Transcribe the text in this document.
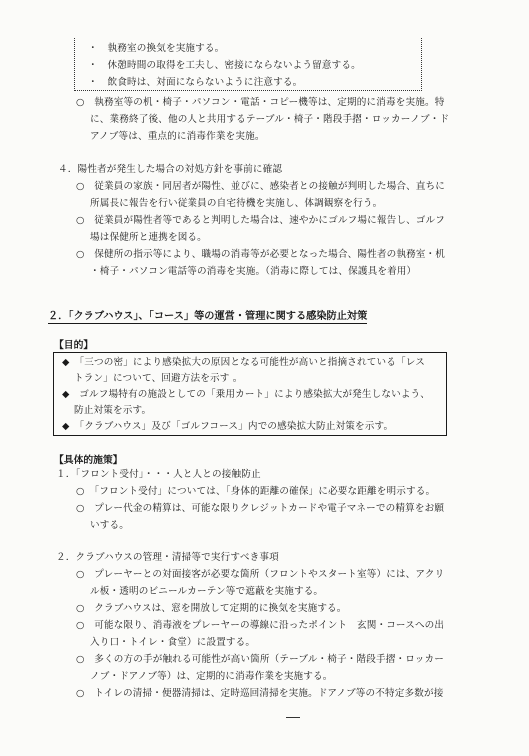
・　執務室の換気を実施する。
・　休憩時間の取得を工夫し、密接にならないよう留意する。
・　飲食時は、対面にならないように注意する。
○　執務室等の机・椅子・パソコン・電話・コピー機等は、定期的に消毒を実施。特
に、業務終了後、他の人と共用するテーブル・椅子・階段手摺・ロッカーノブ・ド
アノブ等は、重点的に消毒作業を実施。
４．陽性者が発生した場合の対処方針を事前に確認
○　従業員の家族・同居者が陽性、並びに、感染者との接触が判明した場合、直ちに
所属長に報告を行い従業員の自宅待機を実施し、体調観察を行う。
○　従業員が陽性者等であると判明した場合は、速やかにゴルフ場に報告し、ゴルフ
場は保健所と連携を図る。
○　保健所の指示等により、職場の消毒等が必要となった場合、陽性者の執務室・机
・椅子・パソコン電話等の消毒を実施。（消毒に際しては、保護具を着用）
２．「クラブハウス」、「コース」等の運営・管理に関する感染防止対策
【目的】
◆　「三つの密」により感染拡大の原因となる可能性が高いと指摘されている「レス
トラン」について、回避方法を示す 。
◆　ゴルフ場特有の施設としての「乗用カート」により感染拡大が発生しないよう、
防止対策を示す。
◆　「クラブハウス」及び「ゴルフコース」内での感染拡大防止対策を示す。
【具体的施策】
１．「フロント受付」・・・人と人との接触防止
○　「フロント受付」については、「身体的距離の確保」に必要な距離を明示する。
○　プレー代金の精算は、可能な限りクレジットカードや電子マネーでの精算をお願
いする。
２．クラブハウスの管理・清掃等で実行すべき事項
○　プレーヤーとの対面接客が必要な箇所（フロントやスタート室等）には、アクリ
ル板・透明のビニールカーテン等で遮蔽を実施する。
○　クラブハウスは、窓を開放して定期的に換気を実施する。
○　可能な限り、消毒液をプレーヤーの導線に沿ったポイント　玄関・コースへの出
入り口・トイレ・食堂）に設置する。
○　多くの方の手が触れる可能性が高い箇所（テーブル・椅子・階段手摺・ロッカー
ノブ・ドアノブ等）は、定期的に消毒作業を実施する。
○　トイレの清掃・便器清掃は、定時巡回清掃を実施。ドアノブ等の不特定多数が接
